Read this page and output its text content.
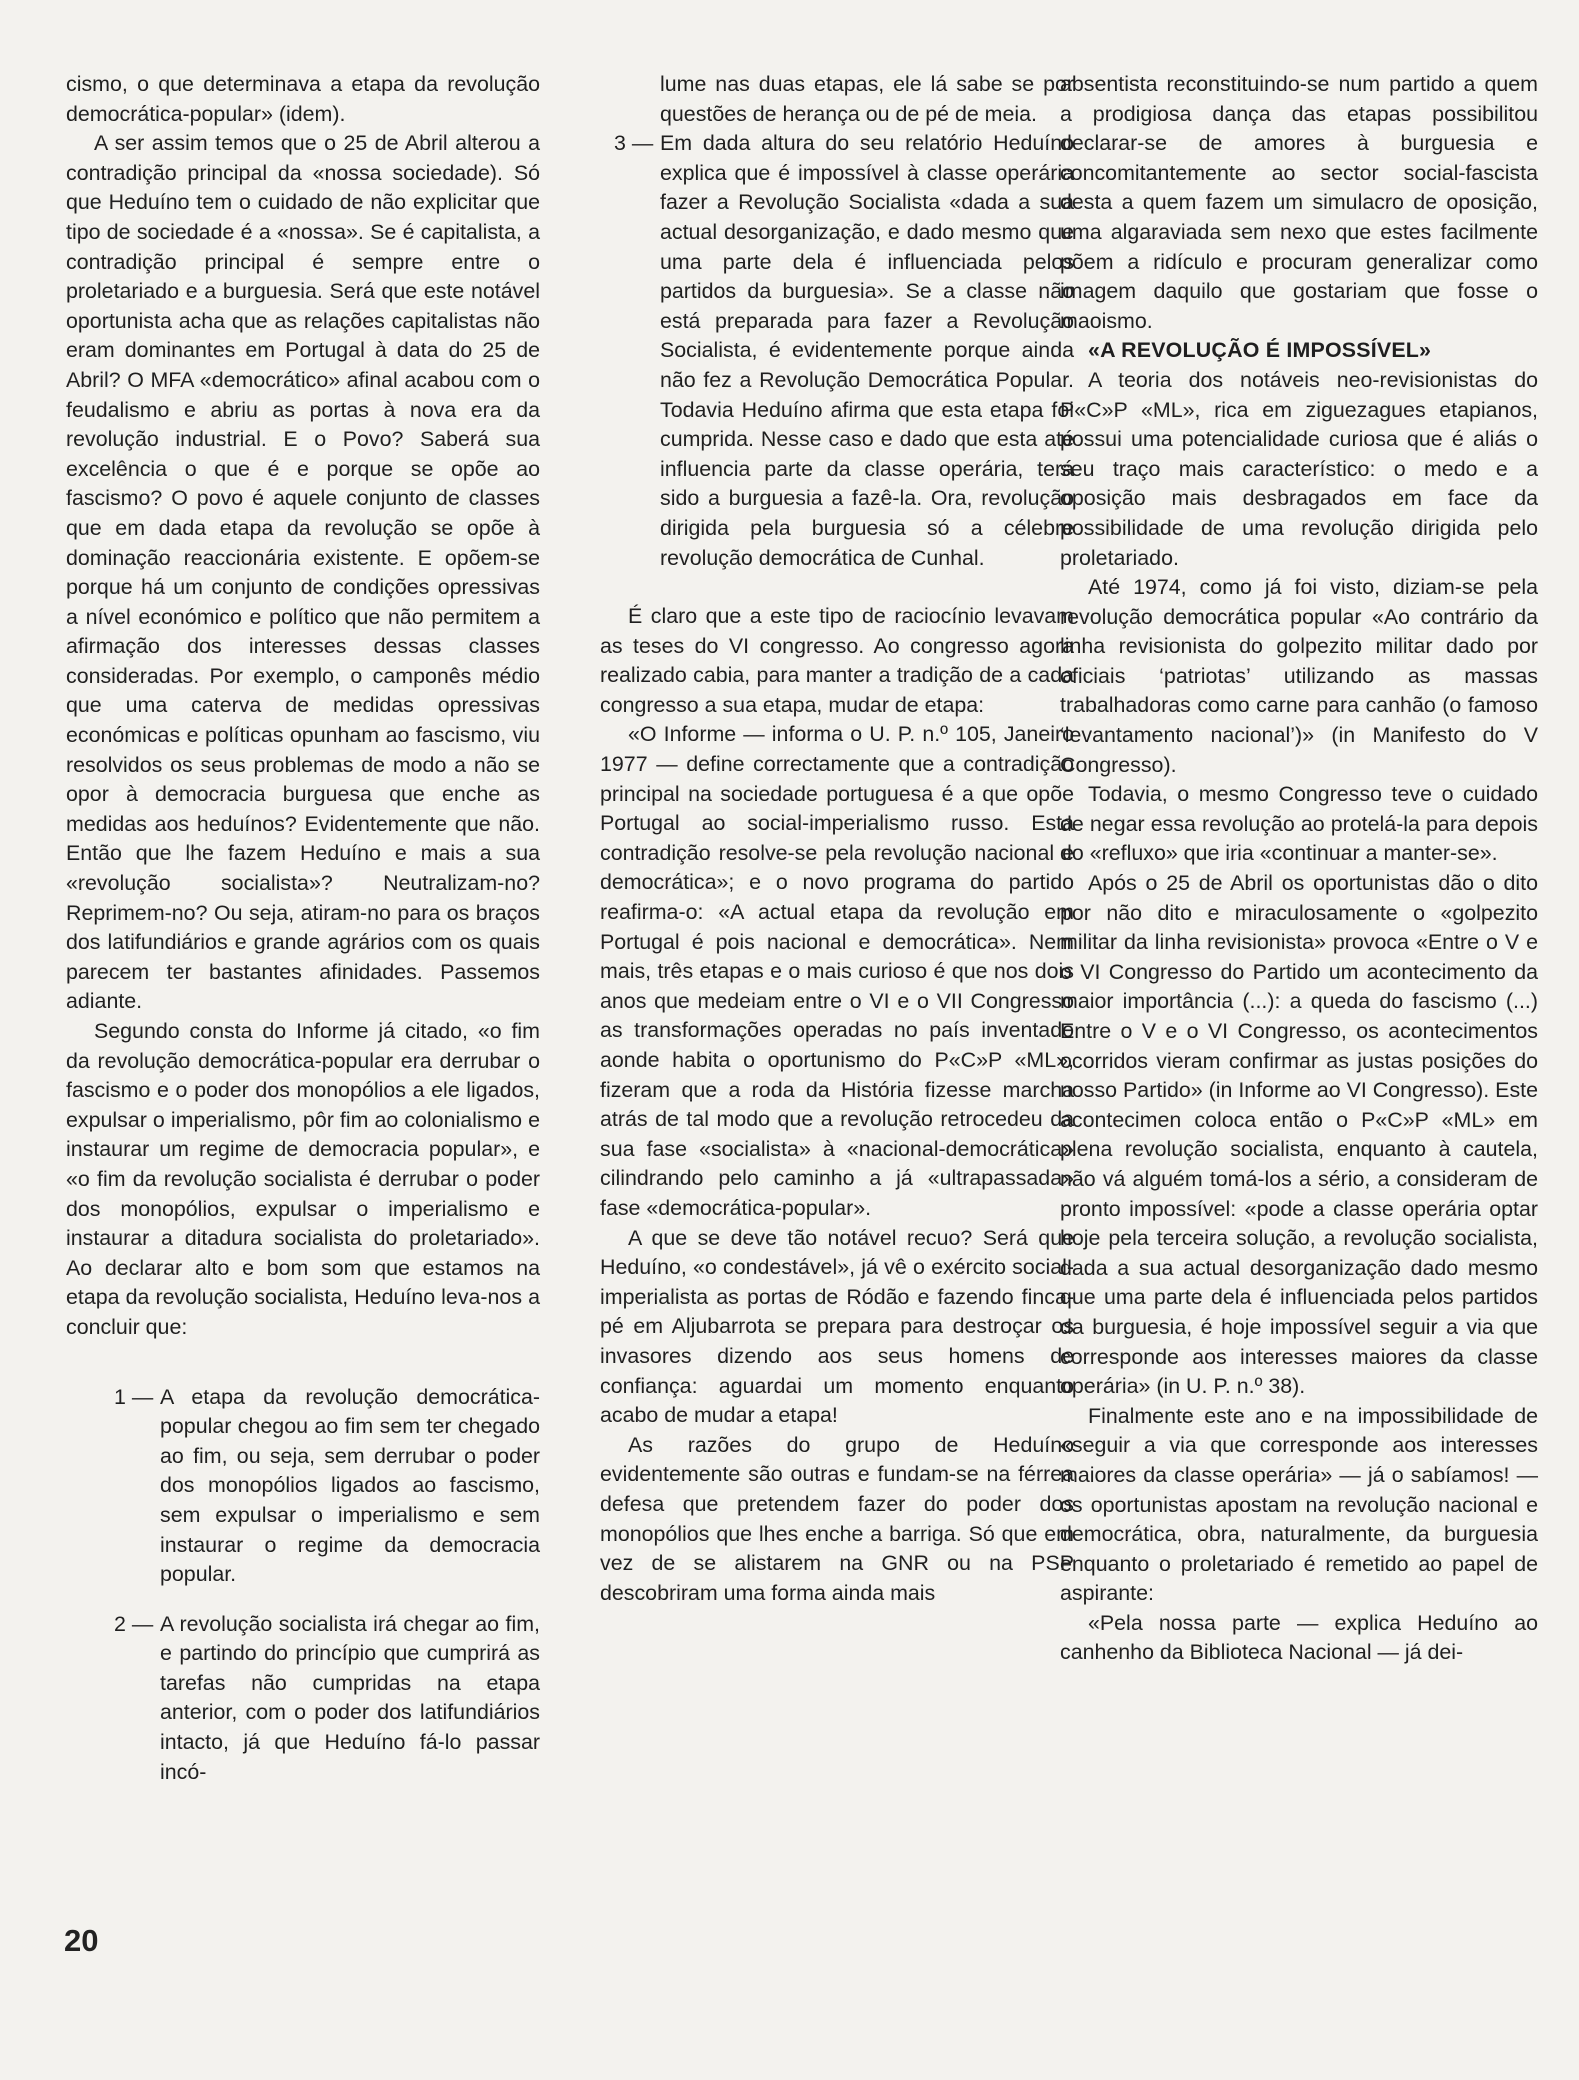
cismo, o que determinava a etapa da revolução democrática-popular» (idem).

A ser assim temos que o 25 de Abril alterou a contradição principal da «nossa sociedade). Só que Heduíno tem o cuidado de não explicitar que tipo de sociedade é a «nossa». Se é capitalista, a contradição principal é sempre entre o proletariado e a burguesia. Será que este notável oportunista acha que as relações capitalistas não eram dominantes em Portugal à data do 25 de Abril? O MFA «democrático» afinal acabou com o feudalismo e abriu as portas à nova era da revolução industrial. E o Povo? Saberá sua excelência o que é e porque se opõe ao fascismo? O povo é aquele conjunto de classes que em dada etapa da revolução se opõe à dominação reaccionária existente. E opõem-se porque há um conjunto de condições opressivas a nível económico e político que não permitem a afirmação dos interesses dessas classes consideradas. Por exemplo, o camponês médio que uma caterva de medidas opressivas económicas e políticas opunham ao fascismo, viu resolvidos os seus problemas de modo a não se opor à democracia burguesa que enche as medidas aos heduínos? Evidentemente que não. Então que lhe fazem Heduíno e mais a sua «revolução socialista»? Neutralizam-no? Reprimem-no? Ou seja, atiram-no para os braços dos latifundiários e grande agrários com os quais parecem ter bastantes afinidades. Passemos adiante.

Segundo consta do Informe já citado, «o fim da revolução democrática-popular era derrubar o fascismo e o poder dos monopólios a ele ligados, expulsar o imperialismo, pôr fim ao colonialismo e instaurar um regime de democracia popular», e «o fim da revolução socialista é derrubar o poder dos monopólios, expulsar o imperialismo e instaurar a ditadura socialista do proletariado». Ao declarar alto e bom som que estamos na etapa da revolução socialista, Heduíno leva-nos a concluir que:

1 — A etapa da revolução democrática-popular chegou ao fim sem ter chegado ao fim, ou seja, sem derrubar o poder dos monopólios ligados ao fascismo, sem expulsar o imperialismo e sem instaurar o regime da democracia popular.
2 — A revolução socialista irá chegar ao fim, e partindo do princípio que cumprirá as tarefas não cumpridas na etapa anterior, com o poder dos latifundiários intacto, já que Heduíno fá-lo passar incó-
lume nas duas etapas, ele lá sabe se por questões de herança ou de pé de meia.
3 — Em dada altura do seu relatório Heduíno explica que é impossível à classe operária fazer a Revolução Socialista «dada a sua actual desorganização, e dado mesmo que uma parte dela é influenciada pelos partidos da burguesia». Se a classe não está preparada para fazer a Revolução Socialista, é evidentemente porque ainda não fez a Revolução Democrática Popular. Todavia Heduíno afirma que esta etapa foi cumprida. Nesse caso e dado que esta até influencia parte da classe operária, terá sido a burguesia a fazê-la. Ora, revolução dirigida pela burguesia só a célebre revolução democrática de Cunhal.

É claro que a este tipo de raciocínio levavam as teses do VI congresso. Ao congresso agora realizado cabia, para manter a tradição de a cada congresso a sua etapa, mudar de etapa:

«O Informe — informa o U. P. n.º 105, Janeiro 1977 — define correctamente que a contradição principal na sociedade portuguesa é a que opõe Portugal ao social-imperialismo russo. Esta contradição resolve-se pela revolução nacional e democrática»; e o novo programa do partido reafirma-o: «A actual etapa da revolução em Portugal é pois nacional e democrática». Nem mais, três etapas e o mais curioso é que nos dois anos que medeiam entre o VI e o VII Congresso as transformações operadas no país inventado aonde habita o oportunismo do P«C»P «ML», fizeram que a roda da História fizesse marcha atrás de tal modo que a revolução retrocedeu da sua fase «socialista» à «nacional-democrática» cilindrando pelo caminho a já «ultrapassada» fase «democrática-popular».

A que se deve tão notável recuo? Será que Heduíno, «o condestável», já vê o exército social-imperialista as portas de Ródão e fazendo finca-pé em Aljubarrota se prepara para destroçar os invasores dizendo aos seus homens de confiança: aguardai um momento enquanto acabo de mudar a etapa!

As razões do grupo de Heduíno evidentemente são outras e fundam-se na férrea defesa que pretendem fazer do poder dos monopólios que lhes enche a barriga. Só que em vez de se alistarem na GNR ou na PSP descobriram uma forma ainda mais

absentista reconstituindo-se num partido a quem a prodigiosa dança das etapas possibilitou declarar-se de amores à burguesia e concomitantemente ao sector social-fascista desta a quem fazem um simulacro de oposição, uma algaraviada sem nexo que estes facilmente põem a ridículo e procuram generalizar como imagem daquilo que gostariam que fosse o maoismo.

«A REVOLUÇÃO É IMPOSSÍVEL»

A teoria dos notáveis neo-revisionistas do P«C»P «ML», rica em ziguezagues etapianos, possui uma potencialidade curiosa que é aliás o seu traço mais característico: o medo e a oposição mais desbragados em face da possibilidade de uma revolução dirigida pelo proletariado.

Até 1974, como já foi visto, diziam-se pela revolução democrática popular «Ao contrário da linha revisionista do golpezito militar dado por oficiais ‘patriotas’ utilizando as massas trabalhadoras como carne para canhão (o famoso ‘levantamento nacional’)» (in Manifesto do V Congresso).

Todavia, o mesmo Congresso teve o cuidado de negar essa revolução ao protelá-la para depois do «refluxo» que iria «continuar a manter-se».

Após o 25 de Abril os oportunistas dão o dito por não dito e miraculosamente o «golpezito militar da linha revisionista» provoca «Entre o V e o VI Congresso do Partido um acontecimento da maior importância (...): a queda do fascismo (...) Entre o V e o VI Congresso, os acontecimentos ocorridos vieram confirmar as justas posições do nosso Partido» (in Informe ao VI Congresso). Este acontecimen coloca então o P«C»P «ML» em plena revolução socialista, enquanto à cautela, não vá alguém tomá-los a sério, a consideram de pronto impossível: «pode a classe operária optar hoje pela terceira solução, a revolução socialista, dada a sua actual desorganização dado mesmo que uma parte dela é influenciada pelos partidos da burguesia, é hoje impossível seguir a via que corresponde aos interesses maiores da classe operária» (in U. P. n.º 38).

Finalmente este ano e na impossibilidade de «seguir a via que corresponde aos interesses maiores da classe operária» — já o sabíamos! — os oportunistas apostam na revolução nacional e democrática, obra, naturalmente, da burguesia enquanto o proletariado é remetido ao papel de aspirante:

«Pela nossa parte — explica Heduíno ao canhenho da Biblioteca Nacional — já dei-

20
